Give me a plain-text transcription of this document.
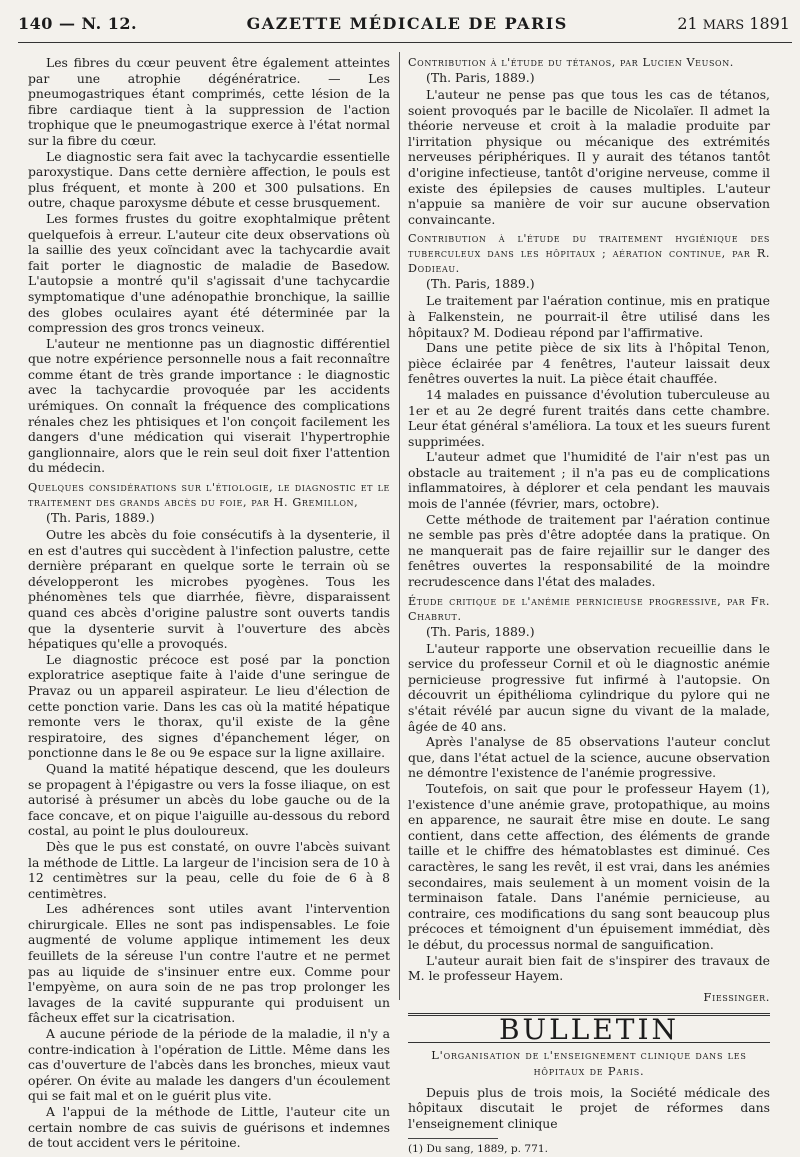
140 — N. 12.	GAZETTE MÉDICALE DE PARIS	21 MARS 1891

Les fibres du cœur peuvent être également atteintes par une atrophie dégénératrice. — Les pneumogastriques étant comprimés, cette lésion de la fibre cardiaque tient à la suppression de l'action trophique que le pneumogastrique exerce à l'état normal sur la fibre du cœur.

Le diagnostic sera fait avec la tachycardie essentielle paroxystique. Dans cette dernière affection, le pouls est plus fréquent, et monte à 200 et 300 pulsations. En outre, chaque paroxysme débute et cesse brusquement.

Les formes frustes du goitre exophtalmique prêtent quelquefois à erreur. L'auteur cite deux observations où la saillie des yeux coïncidant avec la tachycardie avait fait porter le diagnostic de maladie de Basedow. L'autopsie a montré qu'il s'agissait d'une tachycardie symptomatique d'une adénopathie bronchique, la saillie des globes oculaires ayant été déterminée par la compression des gros troncs veineux.

L'auteur ne mentionne pas un diagnostic différentiel que notre expérience personnelle nous a fait reconnaître comme étant de très grande importance : le diagnostic avec la tachycardie provoquée par les accidents urémiques. On connaît la fréquence des complications rénales chez les phtisiques et l'on conçoit facilement les dangers d'une médication qui viserait l'hypertrophie ganglionnaire, alors que le rein seul doit fixer l'attention du médecin.

Quelques considérations sur l'étiologie, le diagnostic et le traitement des grands abcès du foie, par H. Gremillon,
(Th. Paris, 1889.)

Outre les abcès du foie consécutifs à la dysenterie, il en est d'autres qui succèdent à l'infection palustre, cette dernière préparant en quelque sorte le terrain où se développeront les microbes pyogènes. Tous les phénomènes tels que diarrhée, fièvre, disparaissent quand ces abcès d'origine palustre sont ouverts tandis que la dysenterie survit à l'ouverture des abcès hépatiques qu'elle a provoqués.

Le diagnostic précoce est posé par la ponction exploratrice aseptique faite à l'aide d'une seringue de Pravaz ou un appareil aspirateur. Le lieu d'élection de cette ponction varie. Dans les cas où la matité hépatique remonte vers le thorax, qu'il existe de la gêne respiratoire, des signes d'épanchement léger, on ponctionne dans le 8e ou 9e espace sur la ligne axillaire.

Quand la matité hépatique descend, que les douleurs se propagent à l'épigastre ou vers la fosse iliaque, on est autorisé à présumer un abcès du lobe gauche ou de la face concave, et on pique l'aiguille au-dessous du rebord costal, au point le plus douloureux.

Dès que le pus est constaté, on ouvre l'abcès suivant la méthode de Little. La largeur de l'incision sera de 10 à 12 centimètres sur la peau, celle du foie de 6 à 8 centimètres.

Les adhérences sont utiles avant l'intervention chirurgicale. Elles ne sont pas indispensables. Le foie augmenté de volume applique intimement les deux feuillets de la séreuse l'un contre l'autre et ne permet pas au liquide de s'insinuer entre eux. Comme pour l'empyème, on aura soin de ne pas trop prolonger les lavages de la cavité suppurante qui produisent un fâcheux effet sur la cicatrisation.

A aucune période de la période de la maladie, il n'y a contre-indication à l'opération de Little. Même dans les cas d'ouverture de l'abcès dans les bronches, mieux vaut opérer. On évite au malade les dangers d'un écoulement qui se fait mal et on le guérit plus vite.

A l'appui de la méthode de Little, l'auteur cite un certain nombre de cas suivis de guérisons et indemnes de tout accident vers le péritoine.

Contribution à l'étude du tétanos, par Lucien Veuson.
(Th. Paris, 1889.)

L'auteur ne pense pas que tous les cas de tétanos, soient provoqués par le bacille de Nicolaïer. Il admet la théorie nerveuse et croit à la maladie produite par l'irritation physique ou mécanique des extrémités nerveuses périphériques. Il y aurait des tétanos tantôt d'origine infectieuse, tantôt d'origine nerveuse, comme il existe des épilepsies de causes multiples. L'auteur n'appuie sa manière de voir sur aucune observation convaincante.

Contribution à l'étude du traitement hygiénique des tuberculeux dans les hôpitaux ; aération continue, par R. Dodieau.
(Th. Paris, 1889.)

Le traitement par l'aération continue, mis en pratique à Falkenstein, ne pourrait-il être utilisé dans les hôpitaux? M. Dodieau répond par l'affirmative.

Dans une petite pièce de six lits à l'hôpital Tenon, pièce éclairée par 4 fenêtres, l'auteur laissait deux fenêtres ouvertes la nuit. La pièce était chauffée.

14 malades en puissance d'évolution tuberculeuse au 1er et au 2e degré furent traités dans cette chambre. Leur état général s'améliora. La toux et les sueurs furent supprimées.

L'auteur admet que l'humidité de l'air n'est pas un obstacle au traitement ; il n'a pas eu de complications inflammatoires, à déplorer et cela pendant les mauvais mois de l'année (février, mars, octobre).

Cette méthode de traitement par l'aération continue ne semble pas près d'être adoptée dans la pratique. On ne manquerait pas de faire rejaillir sur le danger des fenêtres ouvertes la responsabilité de la moindre recrudescence dans l'état des malades.

Étude critique de l'anémie pernicieuse progressive, par Fr. Chabrut.
(Th. Paris, 1889.)

L'auteur rapporte une observation recueillie dans le service du professeur Cornil et où le diagnostic anémie pernicieuse progressive fut infirmé à l'autopsie. On découvrit un épithélioma cylindrique du pylore qui ne s'était révélé par aucun signe du vivant de la malade, âgée de 40 ans.

Après l'analyse de 85 observations l'auteur conclut que, dans l'état actuel de la science, aucune observation ne démontre l'existence de l'anémie progressive.

Toutefois, on sait que pour le professeur Hayem (1), l'existence d'une anémie grave, protopathique, au moins en apparence, ne saurait être mise en doute. Le sang contient, dans cette affection, des éléments de grande taille et le chiffre des hématoblastes est diminué. Ces caractères, le sang les revêt, il est vrai, dans les anémies secondaires, mais seulement à un moment voisin de la terminaison fatale. Dans l'anémie pernicieuse, au contraire, ces modifications du sang sont beaucoup plus précoces et témoignent d'un épuisement immédiat, dès le début, du processus normal de sanguification.

L'auteur aurait bien fait de s'inspirer des travaux de M. le professeur Hayem.

Fiessinger.
BULLETIN
L'organisation de l'enseignement clinique dans les hôpitaux de Paris.

Depuis plus de trois mois, la Société médicale des hôpitaux discutait le projet de réformes dans l'enseignement clinique

(1) Du sang, 1889, p. 771.
